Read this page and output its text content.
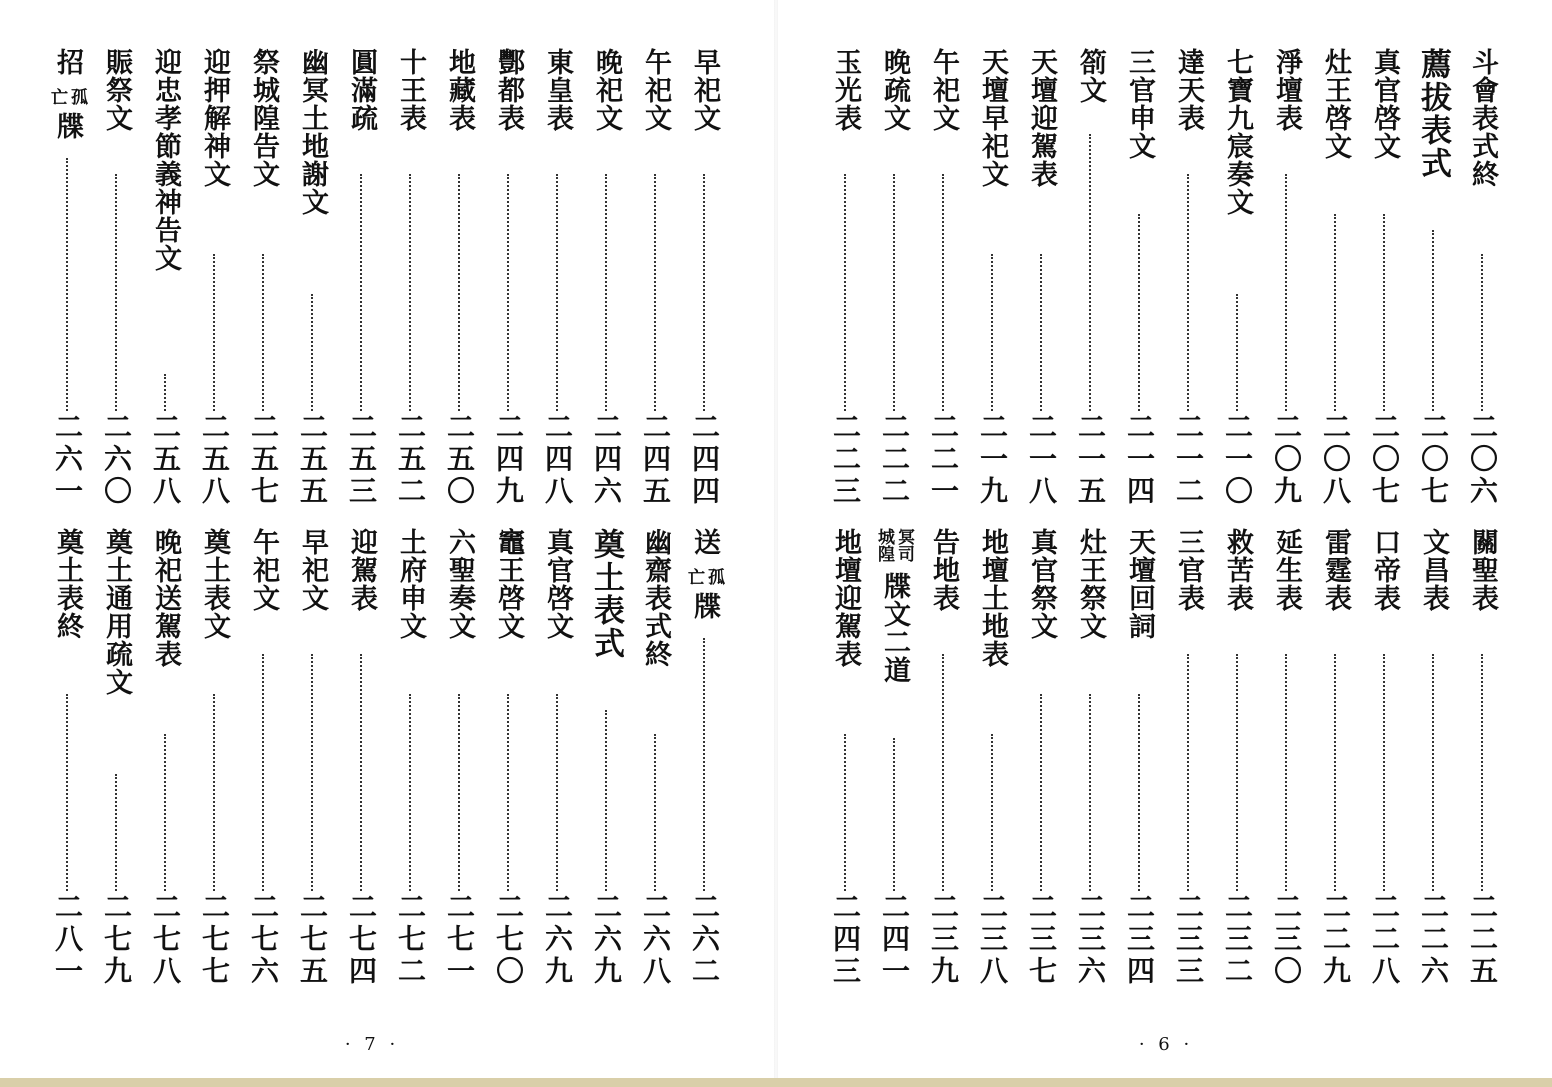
早祀文
二四四
午祀文
二四五
晚祀文
二四六
東皇表
二四八
酆都表
二四九
地藏表
二五〇
十王表
二五二
圓滿疏
二五三
幽冥土地謝文
二五五
祭城隍告文
二五七
迎押解神文
二五八
迎忠孝節義神告文
二五八
賑祭文
二六〇
招
孤
亡
牒
二六一
送
孤
亡
牒
二六二
幽齋表式終
二六八
奠土表式
二六九
真官啓文
二六九
竈王啓文
二七〇
六聖奏文
二七一
土府申文
二七二
迎駕表
二七四
早祀文
二七五
午祀文
二七六
奠土表文
二七七
晚祀送駕表
二七八
奠土通用疏文
二七九
奠土表終
二八一
· 7 ·
斗會表式終
二〇六
薦拔表式
二〇七
真官啓文
二〇七
灶王啓文
二〇八
淨壇表
二〇九
七寶九宸奏文
二一〇
達天表
二一二
三官申文
二一四
箚文
二一五
天壇迎駕表
二一八
天壇早祀文
二一九
午祀文
二二一
晚疏文
二二二
玉光表
二二三
關聖表
二二五
文昌表
二二六
口帝表
二二八
雷霆表
二二九
延生表
二三〇
救苦表
二三二
三官表
二三三
天壇回詞
二三四
灶王祭文
二三六
真官祭文
二三七
地壇土地表
二三八
告地表
二三九
冥司
城隍
牒文二道
二四一
地壇迎駕表
二四三
· 6 ·
